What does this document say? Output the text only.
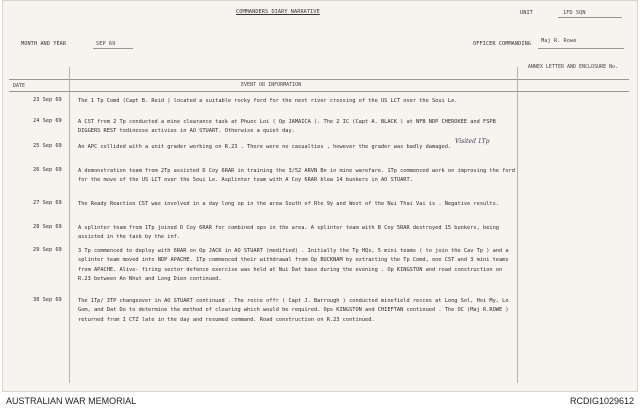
COMMANDERS DIARY NARRATIVE	UNIT	1FD SQN
MONTH AND YEAR	SEP 69	OFFICER COMMANDING Maj R. Rowe
DATE	EVENT OR INFORMATION
ANNEX LETTER AND ENCLOSURE No.
23 Sep 69	The 1 Tp Comd (Capt B. Reid ) located a suitable rocky ford for the next river crossing of the US LCT over the Soui Le.
24 Sep 69	A CST from 2 Tp conducted a mine clearance task at Phuoc Loi ( Op JAMAICA ). The 2 IC (Capt A. BLACK ) at NFB NDP CHEROKEE and FSPB DIGGERS REST todinesse activies in AO STUART. Otherwise a quiet day.
25 Sep 69	An APC collided with a unit grader working on R.23 . There were no casualties , however the grader was badly damaged.
26 Sep 69	A demonstration team from 2Tp assisted D Coy 6RAR in training the 3/52 ARVN Bn in mine warefare. 1Tp commenced work on improving the ford for the move of the US LCT over the Soui Le. Asplinter team with A Coy 6RAR blew 14 bunkers in AO STUART.
27 Sep 69	The Ready Reaction CST was involved in a day long op in the area South of Rte 9y and West of the Nui Thai Vai is . Negative results.
28 Sep 69	A splinter team from 1Tp joined D Coy 6RAR for combined ops in the area. A splinter team with B Coy 5RAR destroyed 15 bunkers, being assisted in the task by the inf.
29 Sep 69	3 Tp commenced to deploy with 6RAR on Op JACK in AO STUART (modified) . Initially the Tp HQs, 5 mini teams ( to join the Cav Tp ) and a splinter team moved into NDP APACHE. 1Tp commenced their withdrawal from Op BUCKNAM by extracting the Tp Comd, one CST and 3 mini teams from APACHE. Alive- firing sector defence exercise was held at Nui Dat base during the evening . Op KINGSTON and road construction on R.23 between An Nhut and Long Dien continued.
30 Sep 69	The 1Tp/ 3TP changeover in AO STUART continued . The recce offr ( Capt J. Barrough ) conducted minefield recces at Long Sol, Hoi My, Lo Gom, and Dat Do to determine the method of clearing which would be required. Ops KINGSTON and CHIEFTAN continued . The OC (Maj R.ROWE ) returned from I CTZ late in the day and resumed command. Road construction on R.23 continued.
Visited 1Tp
AUSTRALIAN WAR MEMORIAL	RCDIG1029612
